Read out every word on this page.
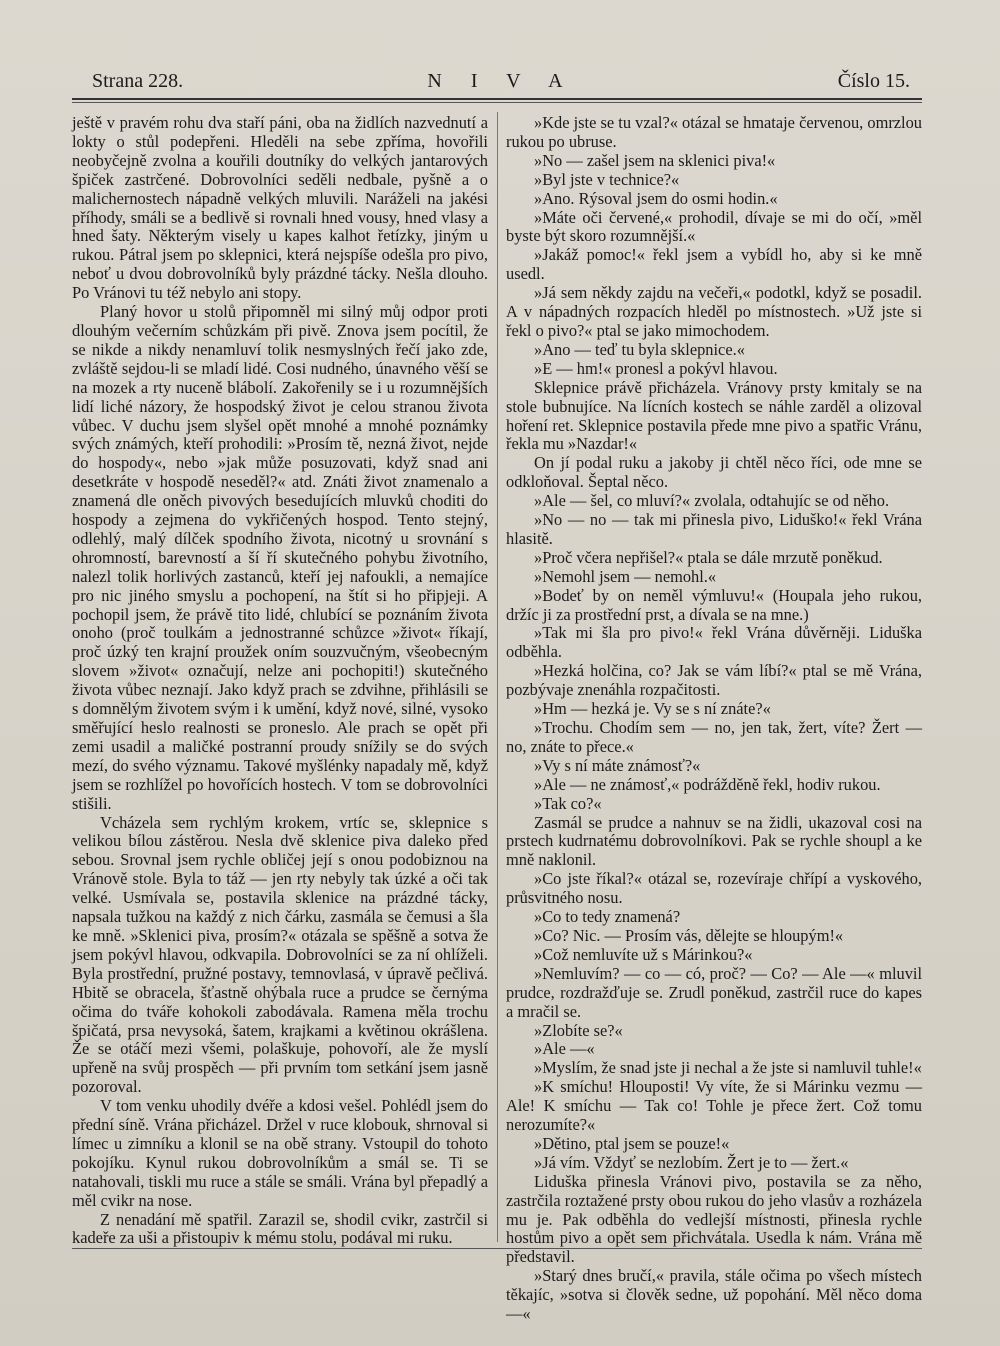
Strana 228.	N I V A	Číslo 15.

ještě v pravém rohu dva staří páni, oba na židlích nazvednutí a lokty o stůl podepřeni. Hleděli na sebe zpříma, hovořili neobyčejně zvolna a kouřili doutníky do velkých jantarových špiček zastrčené. Dobrovolníci seděli nedbale, pyšně a o malichernostech nápadně velkých mluvili. Naráželi na jakési příhody, smáli se a bedlivě si rovnali hned vousy, hned vlasy a hned šaty. Některým visely u kapes kalhot řetízky, jiným u rukou. Pátral jsem po sklepnici, která nejspíše odešla pro pivo, neboť u dvou dobrovolníků byly prázdné tácky. Nešla dlouho. Po Vránovi tu též nebylo ani stopy.

Planý hovor u stolů připomněl mi silný můj odpor proti dlouhým večerním schůzkám při pivě. Znova jsem pocítil, že se nikde a nikdy nenamluví tolik nesmyslných řečí jako zde, zvláště sejdou-li se mladí lidé. Cosi nudného, únavného věší se na mozek a rty nuceně blábolí. Zakořenily se i u rozumnějších lidí liché názory, že hospodský život je celou stranou života vůbec. V duchu jsem slyšel opět mnohé a mnohé poznámky svých známých, kteří prohodili: »Prosím tě, nezná život, nejde do hospody«, nebo »jak může posuzovati, když snad ani desetkráte v hospodě neseděl?« atd. Znáti život znamenalo a znamená dle oněch pivových besedujících mluvků choditi do hospody a zejmena do vykřičených hospod. Tento stejný, odlehlý, malý dílček spodního života, nicotný u srovnání s ohromností, barevností a ší ří skutečného pohybu životního, nalezl tolik horlivých zastanců, kteří jej nafoukli, a nemajíce pro nic jiného smyslu a pochopení, na štít si ho připjeji. A pochopil jsem, že právě tito lidé, chlubící se poznáním života onoho (proč toulkám a jednostranné schůzce »život« říkají, proč úzký ten krajní proužek oním souzvučným, všeobecným slovem »život« označují, nelze ani pochopiti!) skutečného života vůbec neznají. Jako když prach se zdvihne, přihlásili se s domnělým životem svým i k umění, když nové, silné, vysoko směřující heslo realnosti se proneslo. Ale prach se opět při zemi usadil a maličké postranní proudy snížily se do svých mezí, do svého významu. Takové myšlénky napadaly mě, když jsem se rozhlížel po hovořících hostech. V tom se dobrovolníci stišili.

Vcházela sem rychlým krokem, vrtíc se, sklepnice s velikou bílou zástěrou. Nesla dvě sklenice piva daleko před sebou. Srovnal jsem rychle obličej její s onou podobiznou na Vránově stole. Byla to táž — jen rty nebyly tak úzké a oči tak velké. Usmívala se, postavila sklenice na prázdné tácky, napsala tužkou na každý z nich čárku, zasmála se čemusi a šla ke mně. »Sklenici piva, prosím?« otázala se spěšně a sotva že jsem pokývl hlavou, odkvapila. Dobrovolníci se za ní ohlíželi. Byla prostřední, pružné postavy, temnovlasá, v úpravě pečlivá. Hbitě se obracela, šťastně ohýbala ruce a prudce se černýma očima do tváře kohokoli zabodávala. Ramena měla trochu špičatá, prsa nevysoká, šatem, krajkami a květinou okrášlena. Že se otáčí mezi všemi, polaškuje, pohovoří, ale že myslí upřeně na svůj prospěch — při prvním tom setkání jsem jasně pozoroval.

V tom venku uhodily dvéře a kdosi vešel. Pohlédl jsem do přední síně. Vrána přicházel. Držel v ruce klobouk, shrnoval si límec u zimníku a klonil se na obě strany. Vstoupil do tohoto pokojíku. Kynul rukou dobrovolníkům a smál se. Ti se natahovali, tiskli mu ruce a stále se smáli. Vrána byl přepadlý a měl cvikr na nose.

Z nenadání mě spatřil. Zarazil se, shodil cvikr, zastrčil si kadeře za uši a přistoupiv k mému stolu, podával mi ruku.

»Kde jste se tu vzal?« otázal se hmataje červenou, omrzlou rukou po ubruse.

»No — zašel jsem na sklenici piva!«

»Byl jste v technice?«

»Ano. Rýsoval jsem do osmi hodin.«

»Máte oči červené,« prohodil, dívaje se mi do očí, »měl byste být skoro rozumnější.«

»Jakáž pomoc!« řekl jsem a vybídl ho, aby si ke mně usedl.

»Já sem někdy zajdu na večeři,« podotkl, když se posadil. A v nápadných rozpacích hleděl po místnostech. »Už jste si řekl o pivo?« ptal se jako mimochodem.

»Ano — teď tu byla sklepnice.«

»E — hm!« pronesl a pokývl hlavou.

Sklepnice právě přicházela. Vránovy prsty kmitaly se na stole bubnujíce. Na lícních kostech se náhle zarděl a olizoval hoření ret. Sklepnice postavila přede mne pivo a spatřic Vránu, řekla mu »Nazdar!«

On jí podal ruku a jakoby ji chtěl něco říci, ode mne se odkloňoval. Šeptal něco.

»Ale — šel, co mluví?« zvolala, odtahujíc se od něho.

»No — no — tak mi přinesla pivo, Liduško!« řekl Vrána hlasitě.

»Proč včera nepřišel?« ptala se dále mrzutě poněkud.

»Nemohl jsem — nemohl.«

»Bodeť by on neměl výmluvu!« (Houpala jeho rukou, držíc ji za prostřední prst, a dívala se na mne.)

»Tak mi šla pro pivo!« řekl Vrána důvěrněji. Liduška odběhla.

»Hezká holčina, co? Jak se vám líbí?« ptal se mě Vrána, pozbývaje znenáhla rozpačitosti.

»Hm — hezká je. Vy se s ní znáte?«

»Trochu. Chodím sem — no, jen tak, žert, víte? Žert — no, znáte to přece.«

»Vy s ní máte známosť?«

»Ale — ne známosť,« podrážděně řekl, hodiv rukou.

»Tak co?«

Zasmál se prudce a nahnuv se na židli, ukazoval cosi na prstech kudrnatému dobrovolníkovi. Pak se rychle shoupl a ke mně naklonil.

»Co jste říkal?« otázal se, rozevíraje chřípí a vyskového, průsvitného nosu.

»Co to tedy znamená?

»Co? Nic. — Prosím vás, dělejte se hloupým!«

»Což nemluvíte už s Márinkou?«

»Nemluvím? — co — có, proč? — Co? — Ale —« mluvil prudce, rozdražďuje se. Zrudl poněkud, zastrčil ruce do kapes a mračil se.

»Zlobíte se?«

»Ale —«

»Myslím, že snad jste ji nechal a že jste si namluvil tuhle!«

»K smíchu! Hlouposti! Vy víte, že si Márinku vezmu — Ale! K smíchu — Tak co! Tohle je přece žert. Což tomu nerozumíte?«

»Dětino, ptal jsem se pouze!«

»Já vím. Vždyť se nezlobím. Žert je to — žert.«

Liduška přinesla Vránovi pivo, postavila se za něho, zastrčila roztažené prsty obou rukou do jeho vlasův a rozházela mu je. Pak odběhla do vedlejší místnosti, přinesla rychle hostům pivo a opět sem přichvátala. Usedla k nám. Vrána mě představil.

»Starý dnes bručí,« pravila, stále očima po všech místech těkajíc, »sotva si člověk sedne, už popohání. Měl něco doma —«
